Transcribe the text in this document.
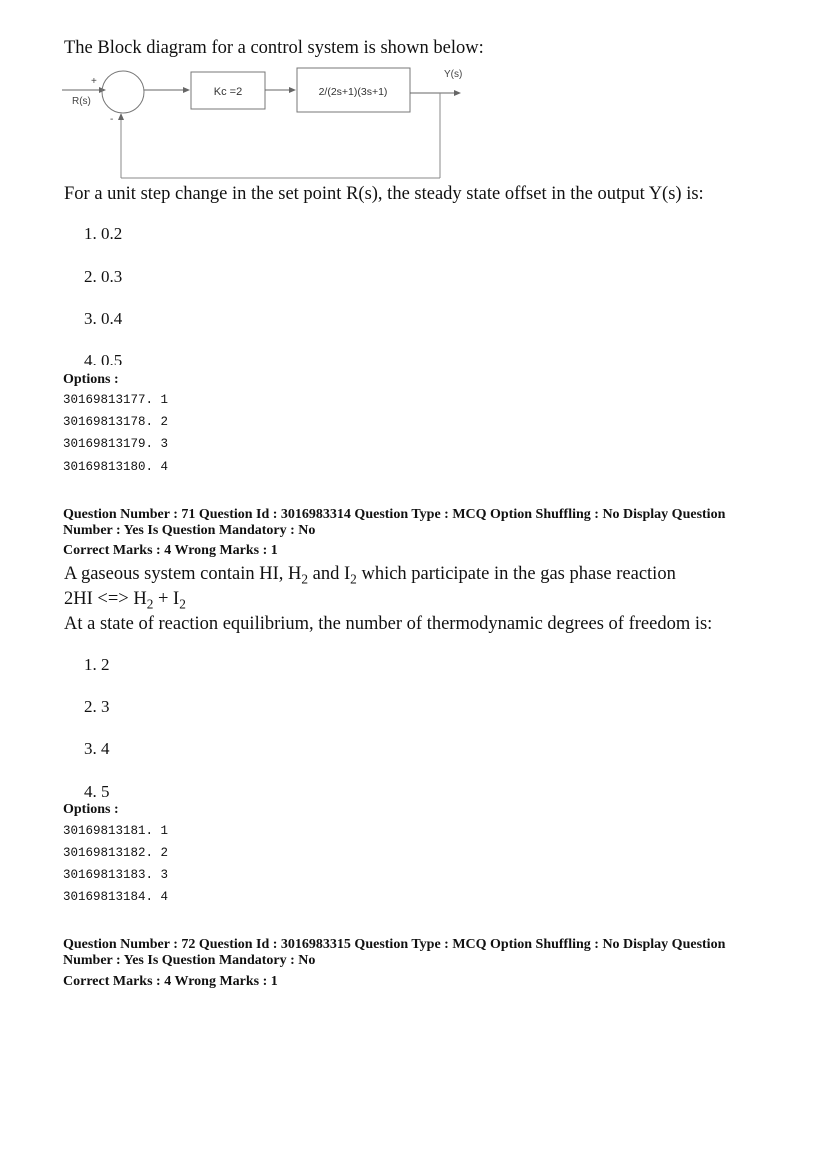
The Block diagram for a control system is shown below:
+
R(s)
-
Kc =2	2/(2s+1)(3s+1)
Y(s)
For a unit step change in the set point R(s), the steady state offset in the output Y(s) is:
1. 0.2
2. 0.3
3. 0.4
4. 0.5
Options :
30169813177. 1
30169813178. 2
30169813179. 3
30169813180. 4
Question Number : 71 Question Id : 3016983314 Question Type : MCQ Option Shuffling : No Display Question
Number : Yes Is Question Mandatory : No
Correct Marks : 4 Wrong Marks : 1
A gaseous system contain HI, $H_2$ and $I_2$ which participate in the gas phase reaction
2HI <=> $H_2 + I_2$
At a state of reaction equilibrium, the number of thermodynamic degrees of freedom is:
1. 2
2. 3
3. 4
4. 5
Options :
30169813181. 1
30169813182. 2
30169813183. 3
30169813184. 4
Question Number : 72 Question Id : 3016983315 Question Type : MCQ Option Shuffling : No Display Question
Number : Yes Is Question Mandatory : No
Correct Marks : 4 Wrong Marks : 1
